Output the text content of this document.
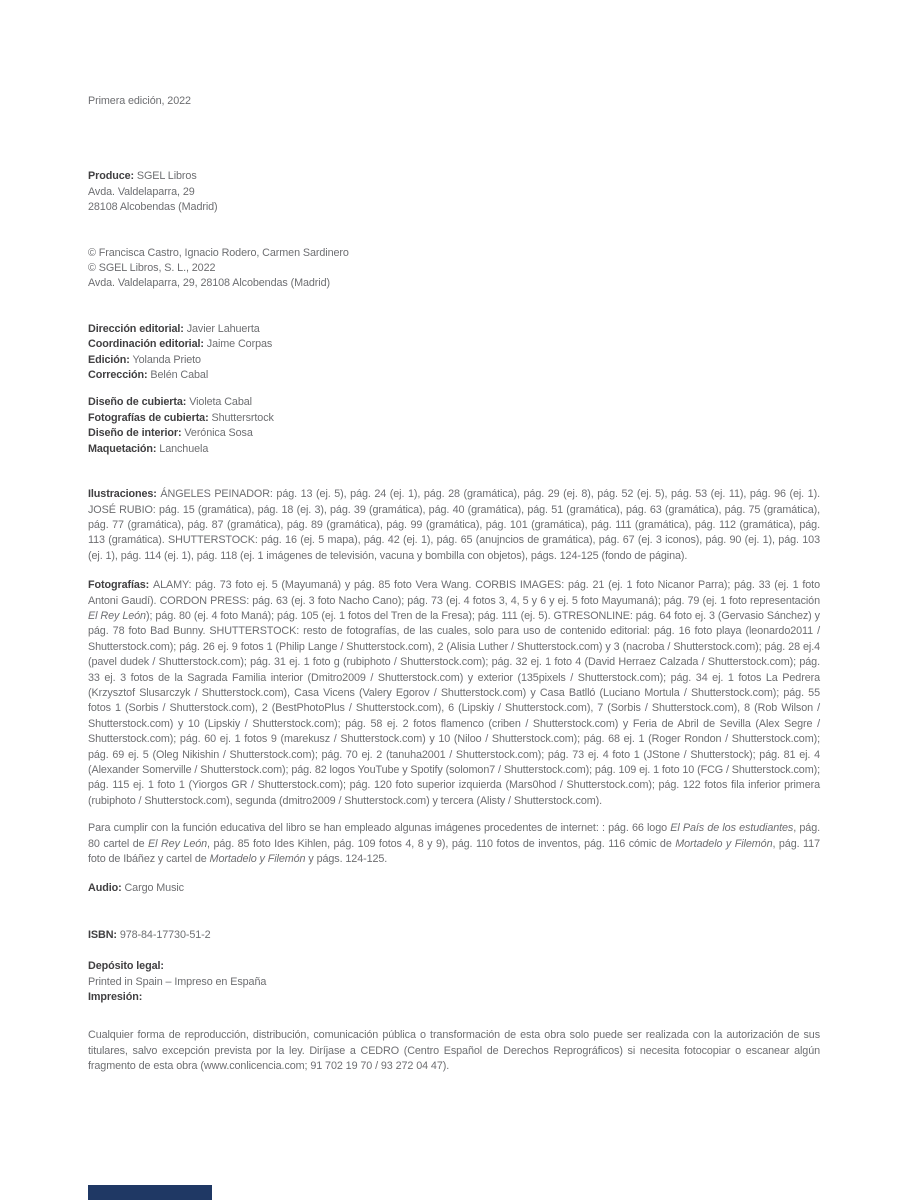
Primera edición, 2022

Produce: SGEL Libros
Avda. Valdelaparra, 29
28108 Alcobendas (Madrid)
© Francisca Castro, Ignacio Rodero, Carmen Sardinero
© SGEL Libros, S. L., 2022
Avda. Valdelaparra, 29, 28108 Alcobendas (Madrid)
Dirección editorial: Javier Lahuerta
Coordinación editorial: Jaime Corpas
Edición: Yolanda Prieto
Corrección: Belén Cabal
Diseño de cubierta: Violeta Cabal
Fotografías de cubierta: Shuttersrtock
Diseño de interior: Verónica Sosa
Maquetación: Lanchuela

Ilustraciones: ÁNGELES PEINADOR: pág. 13 (ej. 5), pág. 24 (ej. 1), pág. 28 (gramática), pág. 29 (ej. 8), pág. 52 (ej. 5), pág. 53 (ej. 11), pág. 96 (ej. 1). JOSÉ RUBIO: pág. 15 (gramática), pág. 18 (ej. 3), pág. 39 (gramática), pág. 40 (gramática), pág. 51 (gramática), pág. 63 (gramática), pág. 75 (gramática), pág. 77 (gramática), pág. 87 (gramática), pág. 89 (gramática), pág. 99 (gramática), pág. 101 (gramática), pág. 111 (gramática), pág. 112 (gramática), pág. 113 (gramática). SHUTTERSTOCK: pág. 16 (ej. 5 mapa), pág. 42 (ej. 1), pág. 65 (anujncios de gramática), pág. 67 (ej. 3 iconos), pág. 90 (ej. 1), pág. 103 (ej. 1), pág. 114 (ej. 1), pág. 118 (ej. 1 imágenes de televisión, vacuna y bombilla con objetos), págs. 124-125 (fondo de página).

Fotografías: ALAMY: pág. 73 foto ej. 5 (Mayumaná) y pág. 85 foto Vera Wang. CORBIS IMAGES: pág. 21 (ej. 1 foto Nicanor Parra); pág. 33 (ej. 1 foto Antoni Gaudí). CORDON PRESS: pág. 63 (ej. 3 foto Nacho Cano); pág. 73 (ej. 4 fotos 3, 4, 5 y 6 y ej. 5 foto Mayumaná); pág. 79 (ej. 1 foto representación El Rey León); pág. 80 (ej. 4 foto Maná); pág. 105 (ej. 1 fotos del Tren de la Fresa); pág. 111 (ej. 5). GTRESONLINE: pág. 64 foto ej. 3 (Gervasio Sánchez) y pág. 78 foto Bad Bunny. SHUTTERSTOCK: resto de fotografías, de las cuales, solo para uso de contenido editorial: pág. 16 foto playa (leonardo2011 / Shutterstock.com); pág. 26 ej. 9 fotos 1 (Philip Lange / Shutterstock.com), 2 (Alisia Luther / Shutterstock.com) y 3 (nacroba / Shutterstock.com); pág. 28 ej.4 (pavel dudek / Shutterstock.com); pág. 31 ej. 1 foto g (rubiphoto / Shutterstock.com); pág. 32 ej. 1 foto 4 (David Herraez Calzada / Shutterstock.com); pág. 33 ej. 3 fotos de la Sagrada Familia interior (Dmitro2009 / Shutterstock.com) y exterior (135pixels / Shutterstock.com); pág. 34 ej. 1 fotos La Pedrera (Krzysztof Slusarczyk / Shutterstock.com), Casa Vicens (Valery Egorov / Shutterstock.com) y Casa Batlló (Luciano Mortula / Shutterstock.com); pág. 55 fotos 1 (Sorbis / Shutterstock.com), 2 (BestPhotoPlus / Shutterstock.com), 6 (Lipskiy / Shutterstock.com), 7 (Sorbis / Shutterstock.com), 8 (Rob Wilson / Shutterstock.com) y 10 (Lipskiy / Shutterstock.com); pág. 58 ej. 2 fotos flamenco (criben / Shutterstock.com) y Feria de Abril de Sevilla (Alex Segre / Shutterstock.com); pág. 60 ej. 1 fotos 9 (marekusz / Shutterstock.com) y 10 (Niloo / Shutterstock.com); pág. 68 ej. 1 (Roger Rondon / Shutterstock.com); pág. 69 ej. 5 (Oleg Nikishin / Shutterstock.com); pág. 70 ej. 2 (tanuha2001 / Shutterstock.com); pág. 73 ej. 4 foto 1 (JStone / Shutterstock); pág. 81 ej. 4 (Alexander Somerville / Shutterstock.com); pág. 82 logos YouTube y Spotify (solomon7 / Shutterstock.com); pág. 109 ej. 1 foto 10 (FCG / Shutterstock.com); pág. 115 ej. 1 foto 1 (Yiorgos GR / Shutterstock.com); pág. 120 foto superior izquierda (Mars0hod / Shutterstock.com); pág. 122 fotos fila inferior primera (rubiphoto / Shutterstock.com), segunda (dmitro2009 / Shutterstock.com) y tercera (Alisty / Shutterstock.com).

Para cumplir con la función educativa del libro se han empleado algunas imágenes procedentes de internet: : pág. 66 logo El País de los estudiantes, pág. 80 cartel de El Rey León, pág. 85 foto Ides Kihlen, pág. 109 fotos 4, 8 y 9), pág. 110 fotos de inventos, pág. 116 cómic de Mortadelo y Filemón, pág. 117 foto de Ibáñez y cartel de Mortadelo y Filemón y págs. 124-125.

Audio: Cargo Music
ISBN: 978-84-17730-51-2
Depósito legal:
Printed in Spain – Impreso en España
Impresión:

Cualquier forma de reproducción, distribución, comunicación pública o transformación de esta obra solo puede ser realizada con la autorización de sus titulares, salvo excepción prevista por la ley. Diríjase a CEDRO (Centro Español de Derechos Reprográficos) si necesita fotocopiar o escanear algún fragmento de esta obra (www.conlicencia.com; 91 702 19 70 / 93 272 04 47).
